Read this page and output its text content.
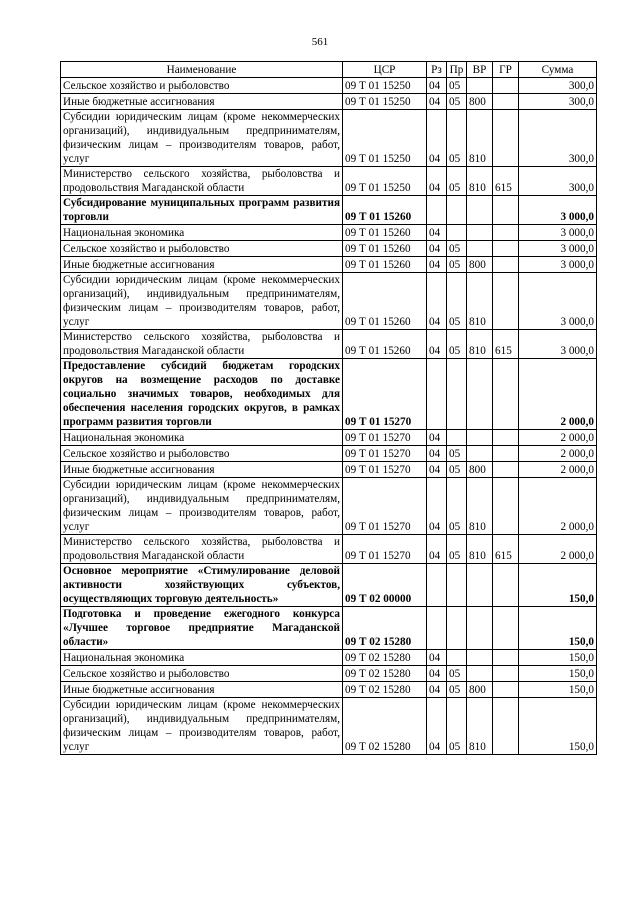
561
Наименование	ЦСР	Рз	Пр	ВР	ГР	Сумма
Сельское хозяйство и рыболовство	09 Т 01 15250	04	05			300,0
Иные бюджетные ассигнования	09 Т 01 15250	04	05	800		300,0
Субсидии юридическим лицам (кроме некоммерческих организаций), индивидуальным предпринимателям, физическим лицам – производителям товаров, работ, услуг	09 Т 01 15250	04	05	810		300,0
Министерство сельского хозяйства, рыболовства и продовольствия Магаданской области	09 Т 01 15250	04	05	810	615	300,0
Субсидирование муниципальных программ развития торговли	09 Т 01 15260					3 000,0
Национальная экономика	09 Т 01 15260	04				3 000,0
Сельское хозяйство и рыболовство	09 Т 01 15260	04	05			3 000,0
Иные бюджетные ассигнования	09 Т 01 15260	04	05	800		3 000,0
Субсидии юридическим лицам (кроме некоммерческих организаций), индивидуальным предпринимателям, физическим лицам – производителям товаров, работ, услуг	09 Т 01 15260	04	05	810		3 000,0
Министерство сельского хозяйства, рыболовства и продовольствия Магаданской области	09 Т 01 15260	04	05	810	615	3 000,0
Предоставление субсидий бюджетам городских округов на возмещение расходов по доставке социально значимых товаров, необходимых для обеспечения населения городских округов, в рамках программ развития торговли	09 Т 01 15270					2 000,0
Национальная экономика	09 Т 01 15270	04				2 000,0
Сельское хозяйство и рыболовство	09 Т 01 15270	04	05			2 000,0
Иные бюджетные ассигнования	09 Т 01 15270	04	05	800		2 000,0
Субсидии юридическим лицам (кроме некоммерческих организаций), индивидуальным предпринимателям, физическим лицам – производителям товаров, работ, услуг	09 Т 01 15270	04	05	810		2 000,0
Министерство сельского хозяйства, рыболовства и продовольствия Магаданской области	09 Т 01 15270	04	05	810	615	2 000,0
Основное мероприятие «Стимулирование деловой активности хозяйствующих субъектов, осуществляющих торговую деятельность»	09 Т 02 00000					150,0
Подготовка и проведение ежегодного конкурса «Лучшее торговое предприятие Магаданской области»	09 Т 02 15280					150,0
Национальная экономика	09 Т 02 15280	04				150,0
Сельское хозяйство и рыболовство	09 Т 02 15280	04	05			150,0
Иные бюджетные ассигнования	09 Т 02 15280	04	05	800		150,0
Субсидии юридическим лицам (кроме некоммерческих организаций), индивидуальным предпринимателям, физическим лицам – производителям товаров, работ, услуг	09 Т 02 15280	04	05	810		150,0
